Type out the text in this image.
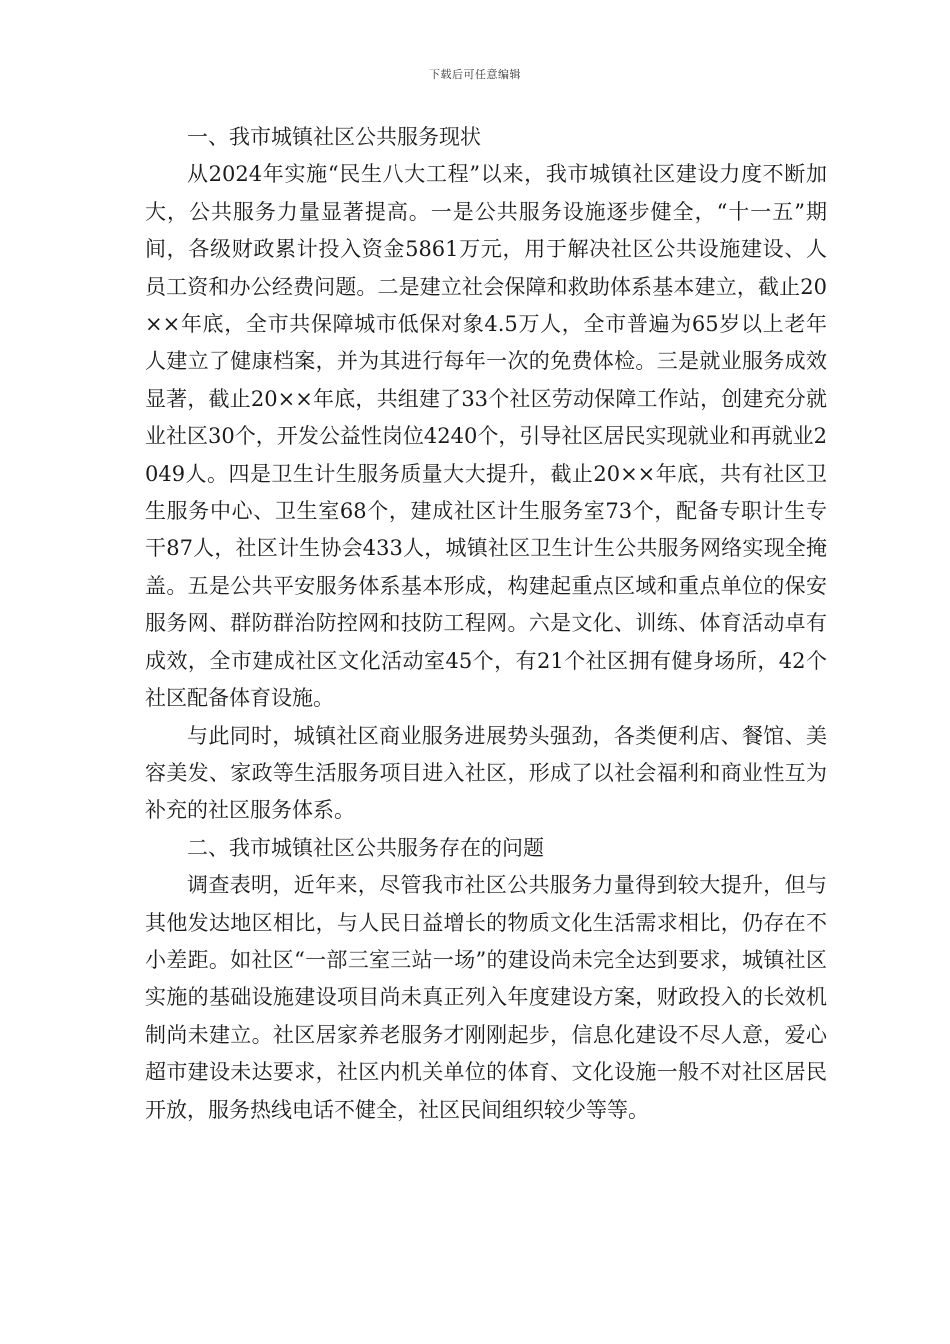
下载后可任意编辑

一、我市城镇社区公共服务现状

从2024年实施“民生八大工程”以来，我市城镇社区建设力度不断加大，公共服务力量显著提高。一是公共服务设施逐步健全，“十一五”期间，各级财政累计投入资金5861万元，用于解决社区公共设施建设、人员工资和办公经费问题。二是建立社会保障和救助体系基本建立，截止20××年底，全市共保障城市低保对象4.5万人，全市普遍为65岁以上老年人建立了健康档案，并为其进行每年一次的免费体检。三是就业服务成效显著，截止20××年底，共组建了33个社区劳动保障工作站，创建充分就业社区30个，开发公益性岗位4240个，引导社区居民实现就业和再就业2049人。四是卫生计生服务质量大大提升，截止20××年底，共有社区卫生服务中心、卫生室68个，建成社区计生服务室73个，配备专职计生专干87人，社区计生协会433人，城镇社区卫生计生公共服务网络实现全掩盖。五是公共平安服务体系基本形成，构建起重点区域和重点单位的保安服务网、群防群治防控网和技防工程网。六是文化、训练、体育活动卓有成效，全市建成社区文化活动室45个，有21个社区拥有健身场所，42个社区配备体育设施。

与此同时，城镇社区商业服务进展势头强劲，各类便利店、餐馆、美容美发、家政等生活服务项目进入社区，形成了以社会福利和商业性互为补充的社区服务体系。

二、我市城镇社区公共服务存在的问题

调查表明，近年来，尽管我市社区公共服务力量得到较大提升，但与其他发达地区相比，与人民日益增长的物质文化生活需求相比，仍存在不小差距。如社区“一部三室三站一场”的建设尚未完全达到要求，城镇社区实施的基础设施建设项目尚未真正列入年度建设方案，财政投入的长效机制尚未建立。社区居家养老服务才刚刚起步，信息化建设不尽人意，爱心超市建设未达要求，社区内机关单位的体育、文化设施一般不对社区居民开放，服务热线电话不健全，社区民间组织较少等等。
